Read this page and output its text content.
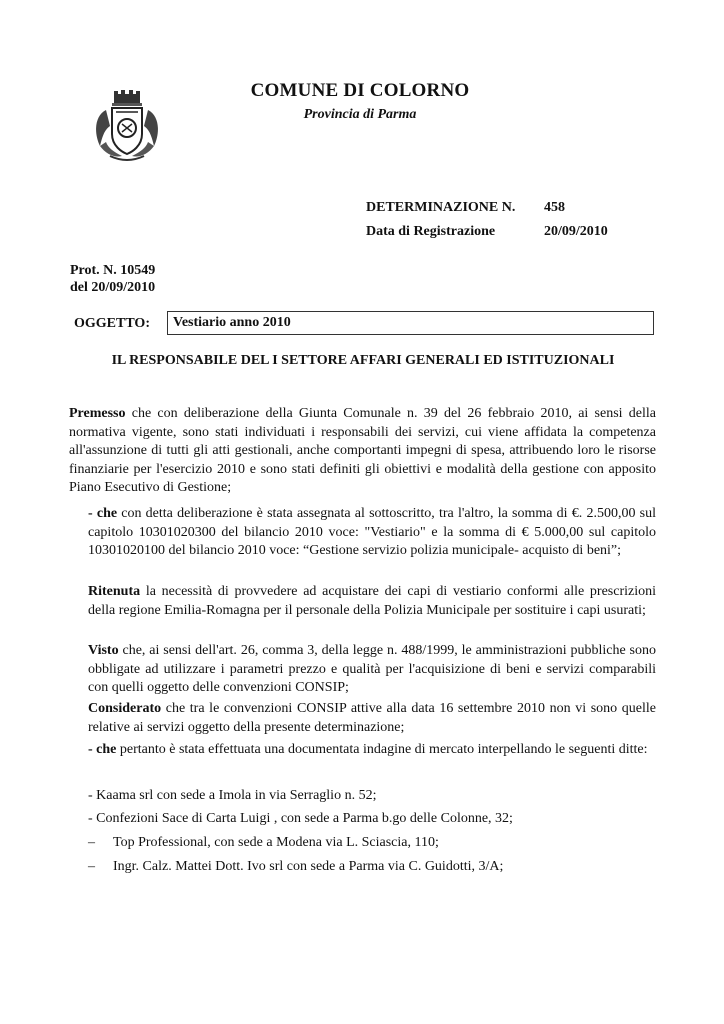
COMUNE DI COLORNO
Provincia di Parma
DETERMINAZIONE N. 458
Data di Registrazione	20/09/2010
Prot. N. 10549
del 20/09/2010
OGGETTO:	Vestiario anno 2010
IL RESPONSABILE DEL I SETTORE AFFARI GENERALI ED ISTITUZIONALI
Premesso che con deliberazione della Giunta Comunale n. 39 del 26 febbraio 2010, ai sensi della normativa vigente, sono stati individuati i responsabili dei servizi, cui viene affidata la competenza all'assunzione di tutti gli atti gestionali, anche comportanti impegni di spesa, attribuendo loro le risorse finanziarie per l'esercizio 2010 e sono stati definiti gli obiettivi e modalità della gestione con apposito Piano Esecutivo di Gestione;
- che con detta deliberazione è stata assegnata al sottoscritto, tra l'altro, la somma di €. 2.500,00 sul capitolo 10301020300 del bilancio 2010 voce: "Vestiario" e la somma di € 5.000,00 sul capitolo 10301020100 del bilancio 2010 voce: “Gestione servizio polizia municipale- acquisto di beni”;
Ritenuta la necessità di provvedere ad acquistare dei capi di vestiario conformi alle prescrizioni della regione Emilia-Romagna per il personale della Polizia Municipale per sostituire i capi usurati;
Visto che, ai sensi dell'art. 26, comma 3, della legge n. 488/1999, le amministrazioni pubbliche sono obbligate ad utilizzare i parametri prezzo e qualità per l'acquisizione di beni e servizi comparabili con quelli oggetto delle convenzioni CONSIP;
Considerato che tra le convenzioni CONSIP attive alla data 16 settembre 2010 non vi sono quelle relative ai servizi oggetto della presente determinazione;
- che pertanto è stata effettuata una documentata indagine di mercato interpellando le seguenti ditte:
- Kaama srl con sede a Imola in via Serraglio n. 52;
- Confezioni Sace di Carta Luigi , con sede a Parma b.go delle Colonne, 32;
– Top Professional, con sede a Modena via L. Sciascia, 110;
– Ingr. Calz. Mattei Dott. Ivo srl con sede a Parma via C. Guidotti, 3/A;
